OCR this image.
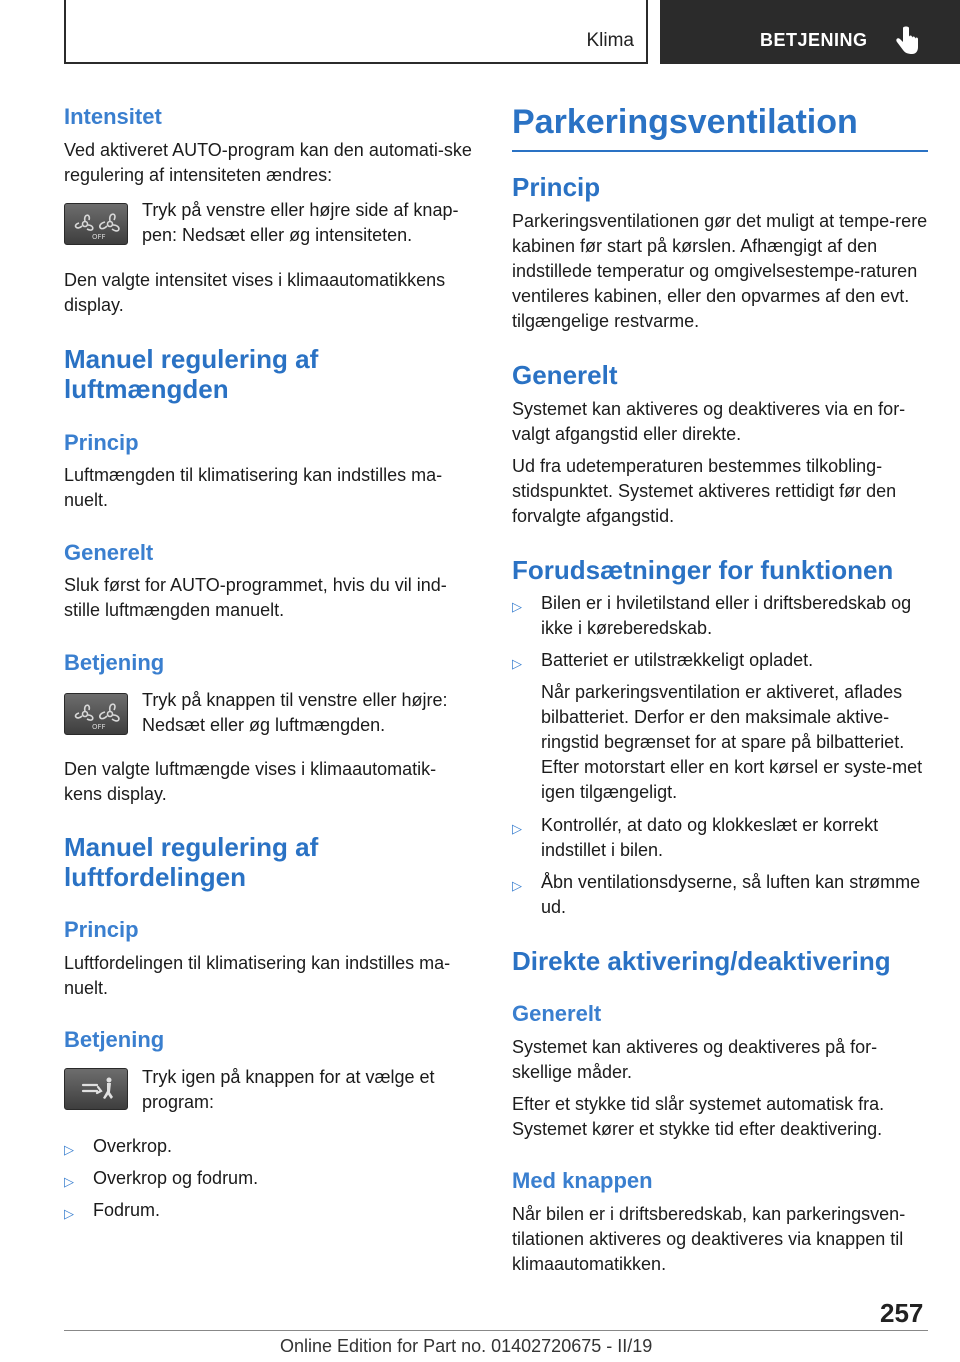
Klima	BETJENING

Intensitet

Ved aktiveret AUTO-program kan den automati-ske regulering af intensiteten ændres:

OFF
Tryk på venstre eller højre side af knap-pen: Nedsæt eller øg intensiteten.

Den valgte intensitet vises i klimaautomatikkens display.

Manuel regulering af

luftmængden

Princip

Luftmængden til klimatisering kan indstilles ma-nuelt.

Generelt

Sluk først for AUTO-programmet, hvis du vil ind-stille luftmængden manuelt.

Betjening

OFF
Tryk på knappen til venstre eller højre: Nedsæt eller øg luftmængden.

Den valgte luftmængde vises i klimaautomatik-kens display.

Manuel regulering af

luftfordelingen

Princip

Luftfordelingen til klimatisering kan indstilles ma-nuelt.

Betjening

Tryk igen på knappen for at vælge et program:
▷ Overkrop.
▷ Overkrop og fodrum.
▷ Fodrum.

Parkeringsventilation

Princip

Parkeringsventilationen gør det muligt at tempe-rere kabinen før start på kørslen. Afhængigt af den indstillede temperatur og omgivelsestempe-raturen ventileres kabinen, eller den opvarmes af den evt. tilgængelige restvarme.

Generelt

Systemet kan aktiveres og deaktiveres via en for-valgt afgangstid eller direkte.

Ud fra udetemperaturen bestemmes tilkobling-stidspunktet. Systemet aktiveres rettidigt før den forvalgte afgangstid.

Forudsætninger for funktionen

▷ Bilen er i hviletilstand eller i driftsberedskab og ikke i køreberedskab.
▷ Batteriet er utilstrækkeligt opladet.

Når parkeringsventilation er aktiveret, aflades bilbatteriet. Derfor er den maksimale aktive-ringstid begrænset for at spare på bilbatteriet. Efter motorstart eller en kort kørsel er syste-met igen tilgængeligt.

▷ Kontrollér, at dato og klokkeslæt er korrekt indstillet i bilen.
▷ Åbn ventilationsdyserne, så luften kan strømme ud.

Direkte aktivering/deaktivering

Generelt

Systemet kan aktiveres og deaktiveres på for-skellige måder.

Efter et stykke tid slår systemet automatisk fra. Systemet kører et stykke tid efter deaktivering.

Med knappen

Når bilen er i driftsberedskab, kan parkeringsven-tilationen aktiveres og deaktiveres via knappen til klimaautomatikken.

257
Online Edition for Part no. 01402720675 - II/19
